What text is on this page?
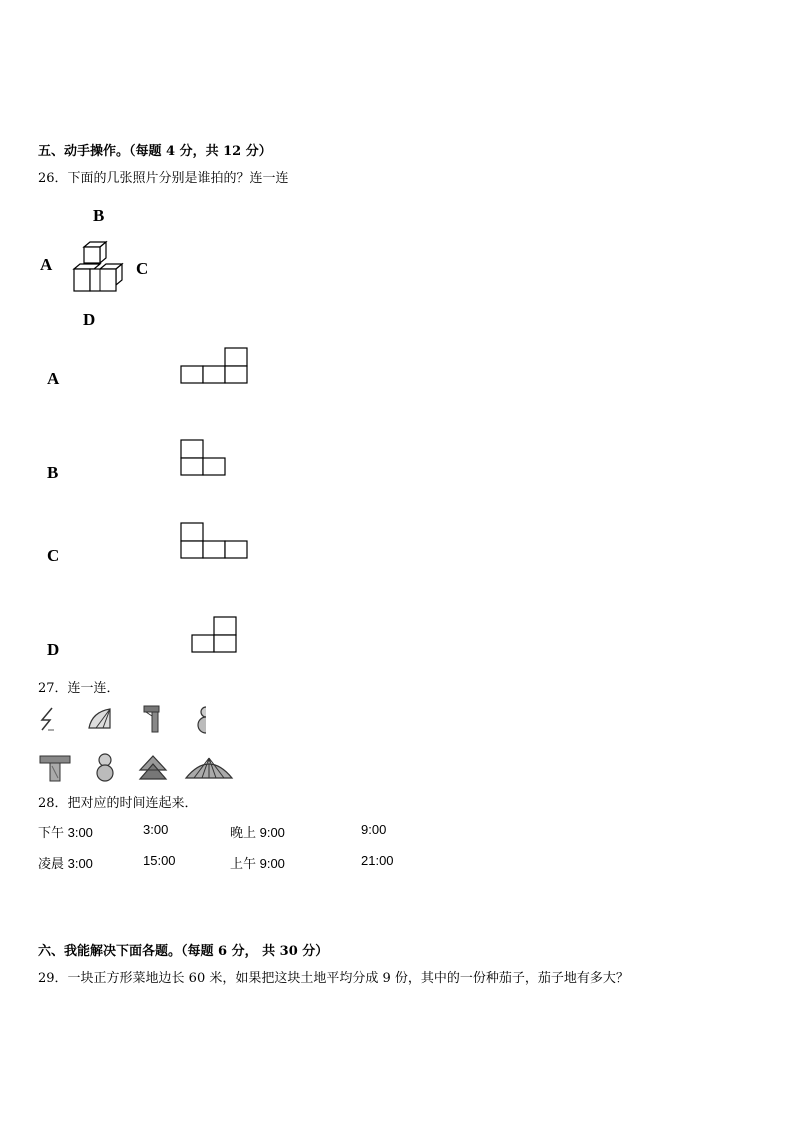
五、动手操作。（每题 4 分，共 12 分）
26．下面的几张照片分别是谁拍的？连一连
B
A	C
D
A
B
C
D
27．连一连．
28．把对应的时间连起来．
下午 3:00	3:00	晚上 9:00	9:00
凌晨 3:00	15:00	上午 9:00	21:00
六、我能解决下面各题。（每题 6 分， 共 30 分）
29．一块正方形菜地边长 60 米，如果把这块土地平均分成 9 份，其中的一份种茄子，茄子地有多大？
